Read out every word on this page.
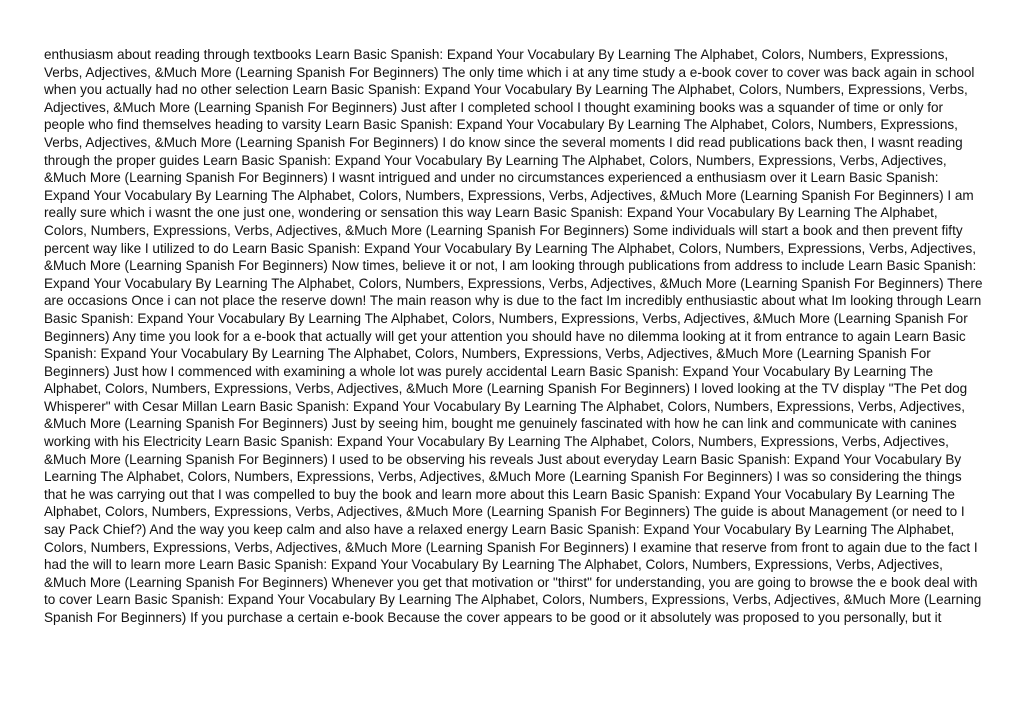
enthusiasm about reading through textbooks Learn Basic Spanish: Expand Your Vocabulary By Learning The Alphabet, Colors, Numbers, Expressions, Verbs, Adjectives, &Much More (Learning Spanish For Beginners) The only time which i at any time study a e-book cover to cover was back again in school when you actually had no other selection Learn Basic Spanish: Expand Your Vocabulary By Learning The Alphabet, Colors, Numbers, Expressions, Verbs, Adjectives, &Much More (Learning Spanish For Beginners) Just after I completed school I thought examining books was a squander of time or only for people who find themselves heading to varsity Learn Basic Spanish: Expand Your Vocabulary By Learning The Alphabet, Colors, Numbers, Expressions, Verbs, Adjectives, &Much More (Learning Spanish For Beginners) I do know since the several moments I did read publications back then, I wasnt reading through the proper guides Learn Basic Spanish: Expand Your Vocabulary By Learning The Alphabet, Colors, Numbers, Expressions, Verbs, Adjectives, &Much More (Learning Spanish For Beginners) I wasnt intrigued and under no circumstances experienced a enthusiasm over it Learn Basic Spanish: Expand Your Vocabulary By Learning The Alphabet, Colors, Numbers, Expressions, Verbs, Adjectives, &Much More (Learning Spanish For Beginners) I am really sure which i wasnt the one just one, wondering or sensation this way Learn Basic Spanish: Expand Your Vocabulary By Learning The Alphabet, Colors, Numbers, Expressions, Verbs, Adjectives, &Much More (Learning Spanish For Beginners) Some individuals will start a book and then prevent fifty percent way like I utilized to do Learn Basic Spanish: Expand Your Vocabulary By Learning The Alphabet, Colors, Numbers, Expressions, Verbs, Adjectives, &Much More (Learning Spanish For Beginners) Now times, believe it or not, I am looking through publications from address to include Learn Basic Spanish: Expand Your Vocabulary By Learning The Alphabet, Colors, Numbers, Expressions, Verbs, Adjectives, &Much More (Learning Spanish For Beginners) There are occasions Once i can not place the reserve down! The main reason why is due to the fact Im incredibly enthusiastic about what Im looking through Learn Basic Spanish: Expand Your Vocabulary By Learning The Alphabet, Colors, Numbers, Expressions, Verbs, Adjectives, &Much More (Learning Spanish For Beginners) Any time you look for a e-book that actually will get your attention you should have no dilemma looking at it from entrance to again Learn Basic Spanish: Expand Your Vocabulary By Learning The Alphabet, Colors, Numbers, Expressions, Verbs, Adjectives, &Much More (Learning Spanish For Beginners) Just how I commenced with examining a whole lot was purely accidental Learn Basic Spanish: Expand Your Vocabulary By Learning The Alphabet, Colors, Numbers, Expressions, Verbs, Adjectives, &Much More (Learning Spanish For Beginners) I loved looking at the TV display "The Pet dog Whisperer" with Cesar Millan Learn Basic Spanish: Expand Your Vocabulary By Learning The Alphabet, Colors, Numbers, Expressions, Verbs, Adjectives, &Much More (Learning Spanish For Beginners) Just by seeing him, bought me genuinely fascinated with how he can link and communicate with canines working with his Electricity Learn Basic Spanish: Expand Your Vocabulary By Learning The Alphabet, Colors, Numbers, Expressions, Verbs, Adjectives, &Much More (Learning Spanish For Beginners) I used to be observing his reveals Just about everyday Learn Basic Spanish: Expand Your Vocabulary By Learning The Alphabet, Colors, Numbers, Expressions, Verbs, Adjectives, &Much More (Learning Spanish For Beginners) I was so considering the things that he was carrying out that I was compelled to buy the book and learn more about this Learn Basic Spanish: Expand Your Vocabulary By Learning The Alphabet, Colors, Numbers, Expressions, Verbs, Adjectives, &Much More (Learning Spanish For Beginners) The guide is about Management (or need to I say Pack Chief?) And the way you keep calm and also have a relaxed energy Learn Basic Spanish: Expand Your Vocabulary By Learning The Alphabet, Colors, Numbers, Expressions, Verbs, Adjectives, &Much More (Learning Spanish For Beginners) I examine that reserve from front to again due to the fact I had the will to learn more Learn Basic Spanish: Expand Your Vocabulary By Learning The Alphabet, Colors, Numbers, Expressions, Verbs, Adjectives, &Much More (Learning Spanish For Beginners) Whenever you get that motivation or "thirst" for understanding, you are going to browse the e book deal with to cover Learn Basic Spanish: Expand Your Vocabulary By Learning The Alphabet, Colors, Numbers, Expressions, Verbs, Adjectives, &Much More (Learning Spanish For Beginners) If you purchase a certain e-book Because the cover appears to be good or it absolutely was proposed to you personally, but it
